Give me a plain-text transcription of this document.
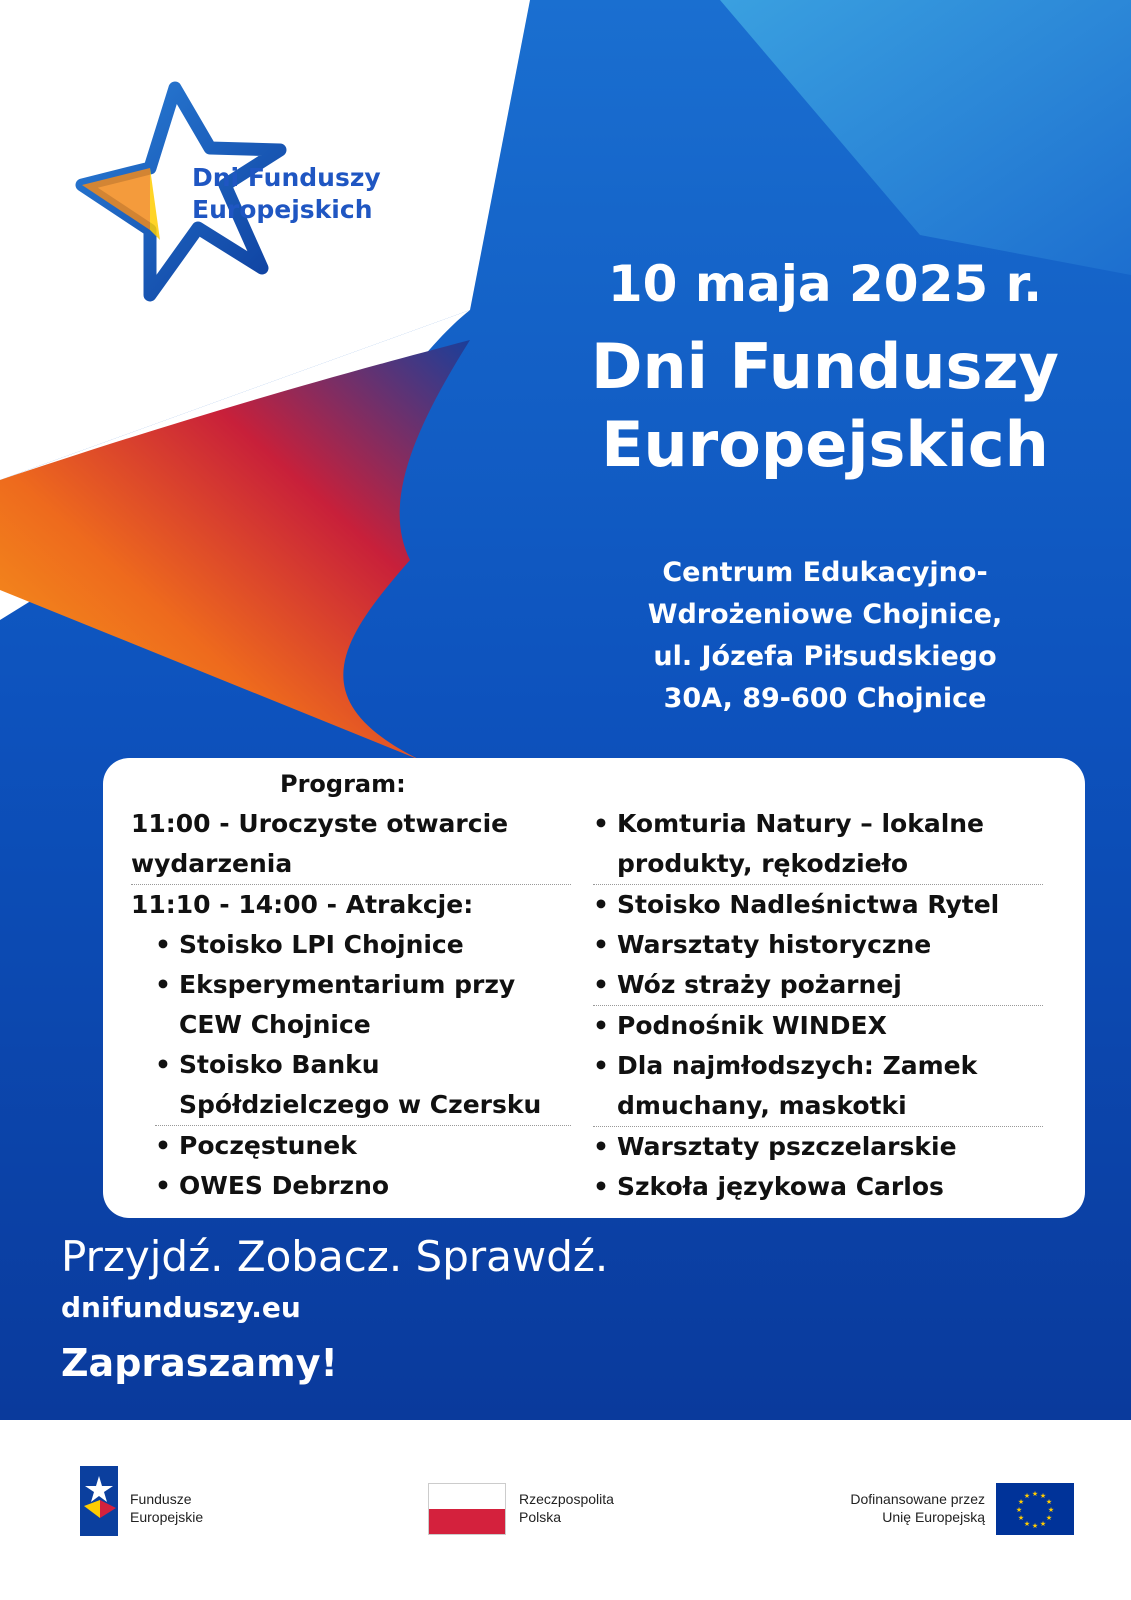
Dni Funduszy
Europejskich
10 maja 2025 r.
Dni Funduszy
Europejskich
Centrum Edukacyjno-
Wdrożeniowe Chojnice,
ul. Józefa Piłsudskiego
30A, 89-600 Chojnice
Program:

11:00 - Uroczyste otwarcie

wydarzenia

11:10 - 14:00 - Atrakcje:

• Stoisko LPI Chojnice
• Eksperymentarium przy CEW Chojnice
• Stoisko Banku Spółdzielczego w Czersku
• Poczęstunek
• OWES Debrzno
• Komturia Natury – lokalne produkty, rękodzieło
• Stoisko Nadleśnictwa Rytel
• Warsztaty historyczne
• Wóz straży pożarnej
• Podnośnik WINDEX
• Dla najmłodszych: Zamek dmuchany, maskotki
• Warsztaty pszczelarskie
• Szkoła językowa Carlos
Przyjdź. Zobacz. Sprawdź.
dnifunduszy.eu
Zapraszamy!
Fundusze
Europejskie
Rzeczpospolita
Polska
Dofinansowane przez
Unię Europejską
★ ★
★
★
★
★
★
★
★
★
★
★
